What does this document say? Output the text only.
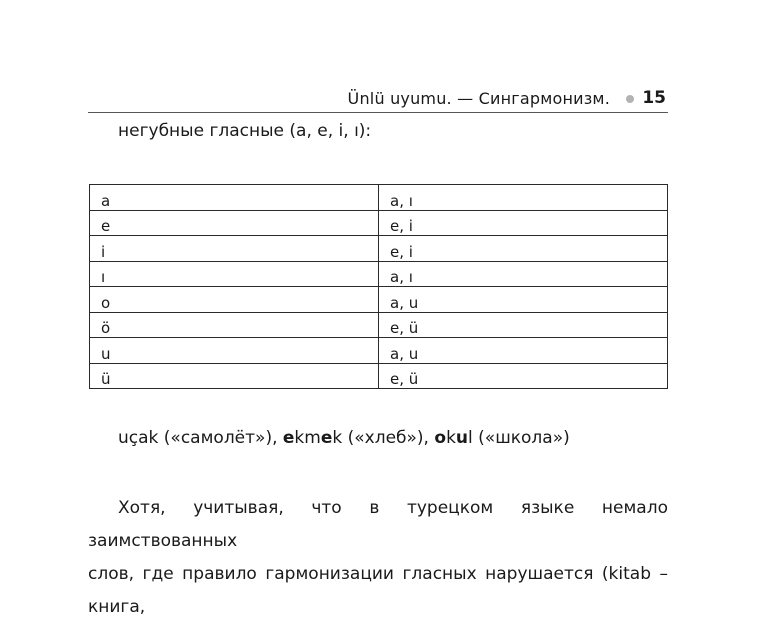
Ünlü uyumu. — Сингармонизм. 15
негубные гласные (a, e, i, ı):
a	a, ı
e	e, i
i	e, i
ı	a, ı
o	a, u
ö	e, ü
u	a, u
ü	e, ü
uçak («самолёт»), ekmek («хлеб»), okul («школа»)
Хотя, учитывая, что в турецком языке немало заимствованных
слов, где правило гармонизации гласных нарушается (kitab – книга,
